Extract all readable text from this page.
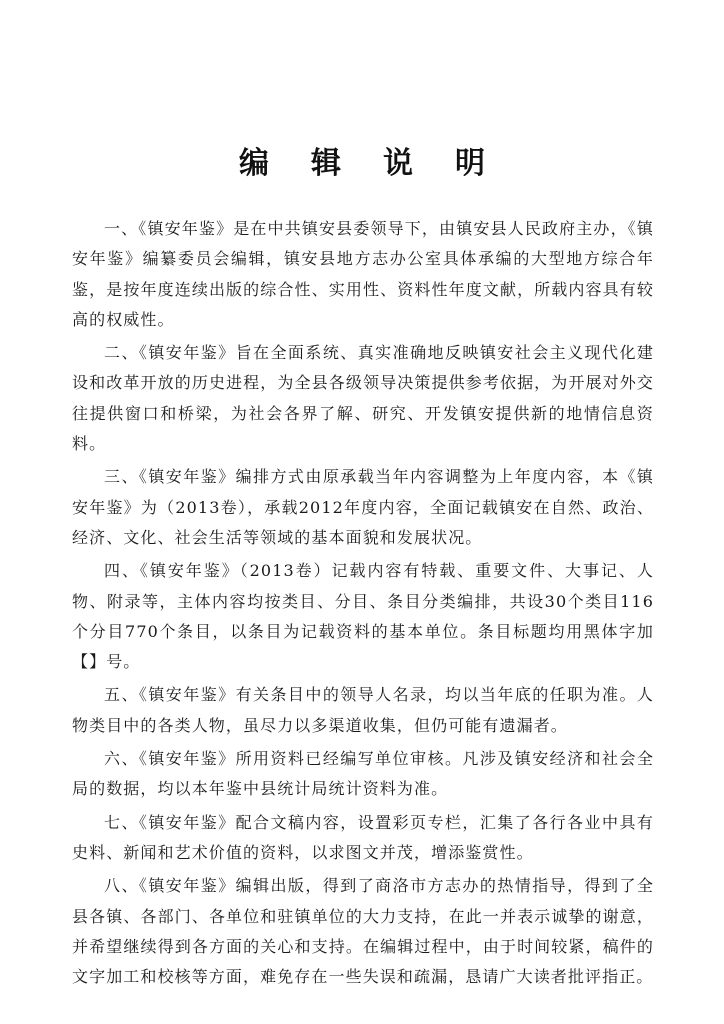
编辑说明

一、《镇安年鉴》是在中共镇安县委领导下，由镇安县人民政府主办，《镇安年鉴》编纂委员会编辑，镇安县地方志办公室具体承编的大型地方综合年鉴，是按年度连续出版的综合性、实用性、资料性年度文献，所载内容具有较高的权威性。

二、《镇安年鉴》旨在全面系统、真实准确地反映镇安社会主义现代化建设和改革开放的历史进程，为全县各级领导决策提供参考依据，为开展对外交往提供窗口和桥梁，为社会各界了解、研究、开发镇安提供新的地情信息资料。

三、《镇安年鉴》编排方式由原承载当年内容调整为上年度内容，本《镇安年鉴》为（2013卷），承载2012年度内容，全面记载镇安在自然、政治、经济、文化、社会生活等领域的基本面貌和发展状况。

四、《镇安年鉴》（2013卷）记载内容有特载、重要文件、大事记、人物、附录等，主体内容均按类目、分目、条目分类编排，共设30个类目116个分目770个条目，以条目为记载资料的基本单位。条目标题均用黑体字加【】号。

五、《镇安年鉴》有关条目中的领导人名录，均以当年底的任职为准。人物类目中的各类人物，虽尽力以多渠道收集，但仍可能有遗漏者。

六、《镇安年鉴》所用资料已经编写单位审核。凡涉及镇安经济和社会全局的数据，均以本年鉴中县统计局统计资料为准。

七、《镇安年鉴》配合文稿内容，设置彩页专栏，汇集了各行各业中具有史料、新闻和艺术价值的资料，以求图文并茂，增添鉴赏性。

八、《镇安年鉴》编辑出版，得到了商洛市方志办的热情指导，得到了全县各镇、各部门、各单位和驻镇单位的大力支持，在此一并表示诚挚的谢意，并希望继续得到各方面的关心和支持。在编辑过程中，由于时间较紧，稿件的文字加工和校核等方面，难免存在一些失误和疏漏，恳请广大读者批评指正。
